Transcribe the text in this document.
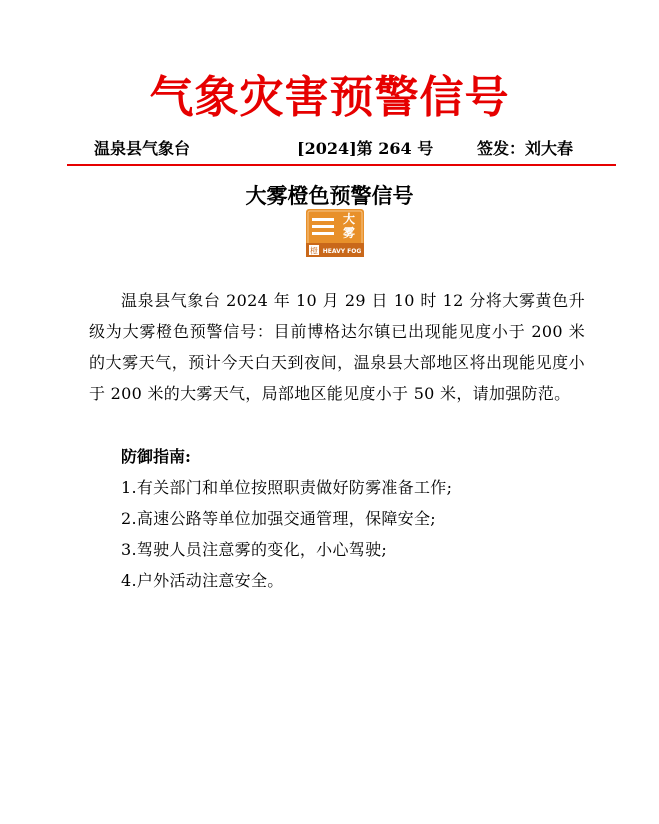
气象灾害预警信号
温泉县气象台	[2024]第 264 号	签发：刘大春
大雾橙色预警信号
大
雾
橙 HEAVY FOG
温泉县气象台 2024 年 10 月 29 日 10 时 12 分将大雾黄色升级为大雾橙色预警信号：目前博格达尔镇已出现能见度小于 200 米的大雾天气，预计今天白天到夜间，温泉县大部地区将出现能见度小于 200 米的大雾天气，局部地区能见度小于 50 米，请加强防范。
防御指南:
1.有关部门和单位按照职责做好防雾准备工作;
2.高速公路等单位加强交通管理，保障安全;
3.驾驶人员注意雾的变化，小心驾驶;
4.户外活动注意安全。
